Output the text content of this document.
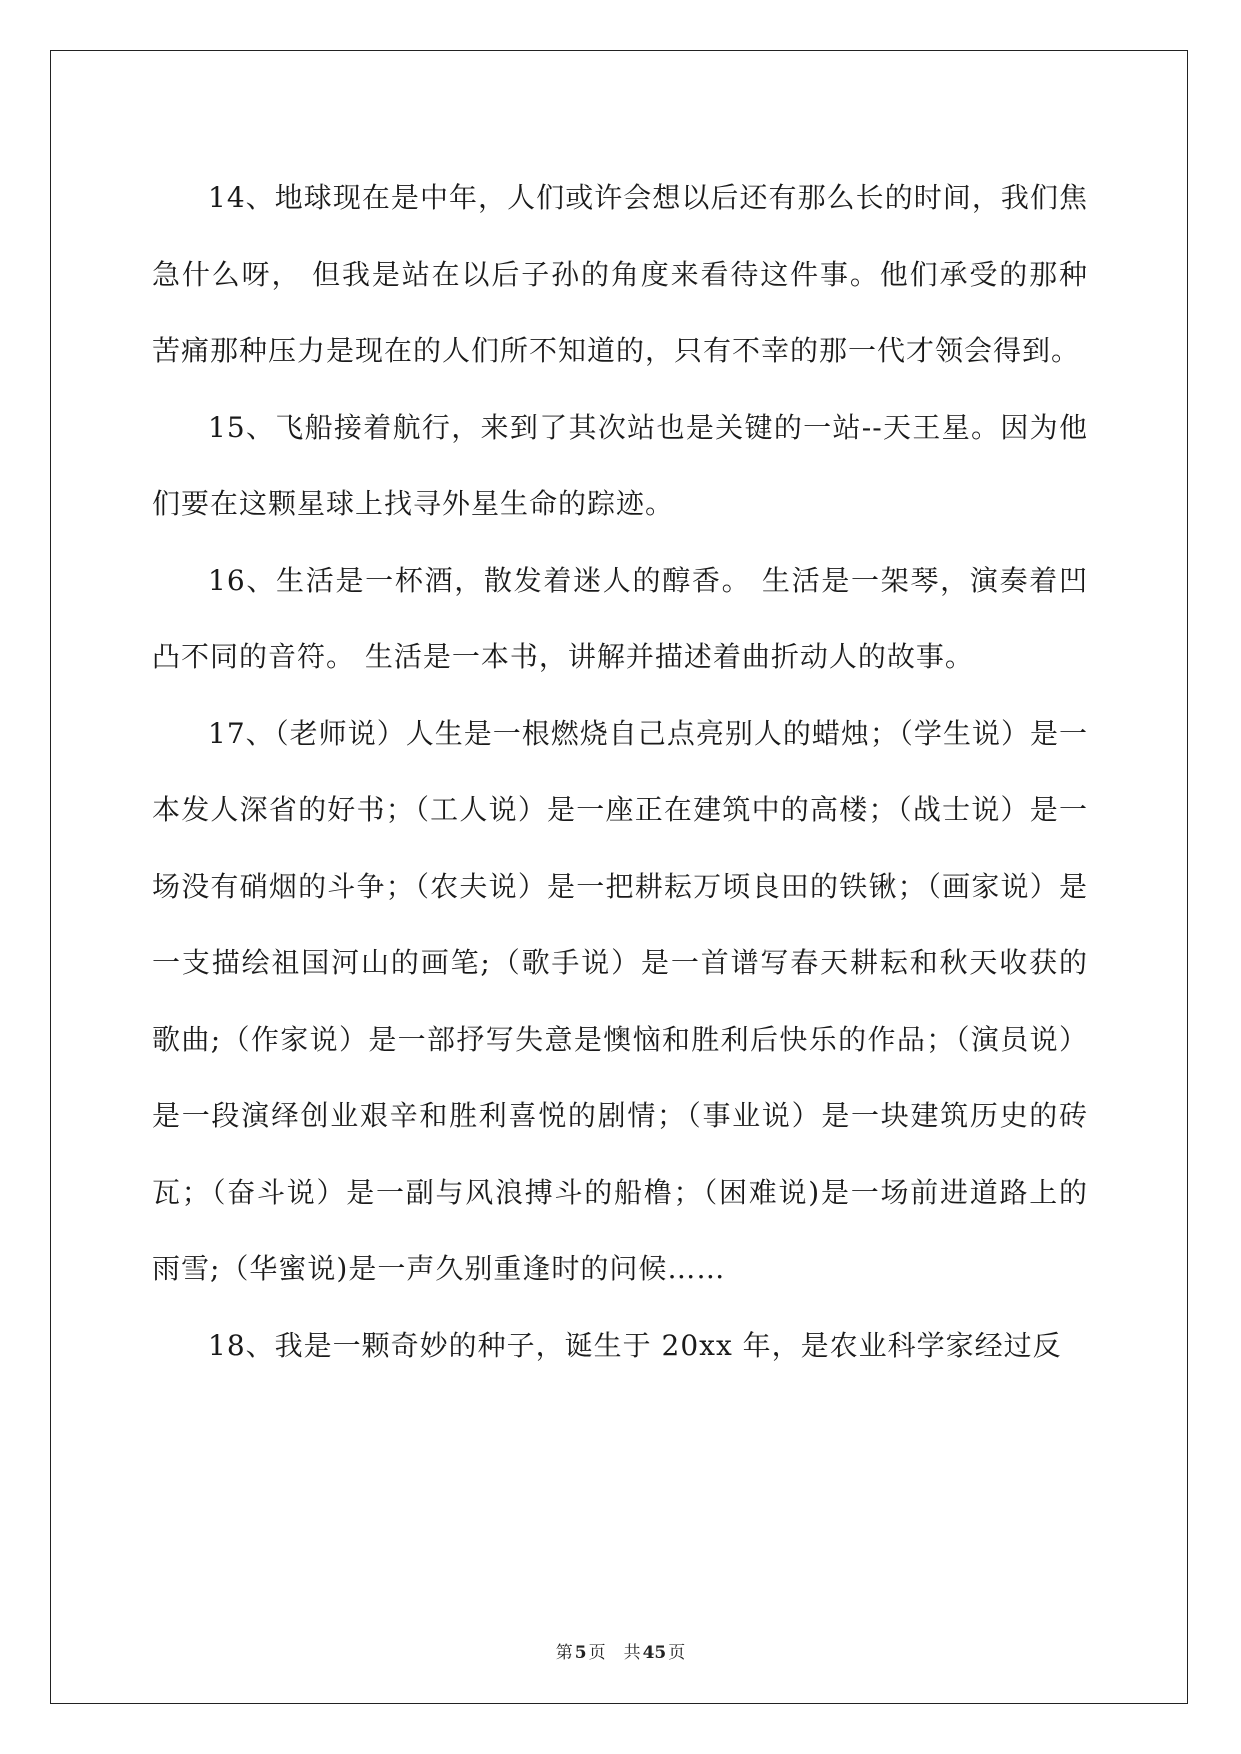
14、地球现在是中年，人们或许会想以后还有那么长的时间，我们焦急什么呀， 但我是站在以后子孙的角度来看待这件事。他们承受的那种苦痛那种压力是现在的人们所不知道的，只有不幸的那一代才领会得到。

15、飞船接着航行，来到了其次站也是关键的一站--天王星。因为他们要在这颗星球上找寻外星生命的踪迹。

16、生活是一杯酒，散发着迷人的醇香。 生活是一架琴，演奏着凹凸不同的音符。 生活是一本书，讲解并描述着曲折动人的故事。

17、（老师说）人生是一根燃烧自己点亮别人的蜡烛；（学生说）是一本发人深省的好书；（工人说）是一座正在建筑中的高楼；（战士说）是一场没有硝烟的斗争；（农夫说）是一把耕耘万顷良田的铁锹；（画家说）是一支描绘祖国河山的画笔;（歌手说）是一首谱写春天耕耘和秋天收获的歌曲;（作家说）是一部抒写失意是懊恼和胜利后快乐的作品；（演员说）是一段演绎创业艰辛和胜利喜悦的剧情；（事业说）是一块建筑历史的砖瓦；（奋斗说）是一副与风浪搏斗的船橹；（困难说)是一场前进道路上的雨雪;（华蜜说)是一声久别重逢时的问候……

18、我是一颗奇妙的种子，诞生于 20xx 年，是农业科学家经过反

第 5 页 共 45 页
